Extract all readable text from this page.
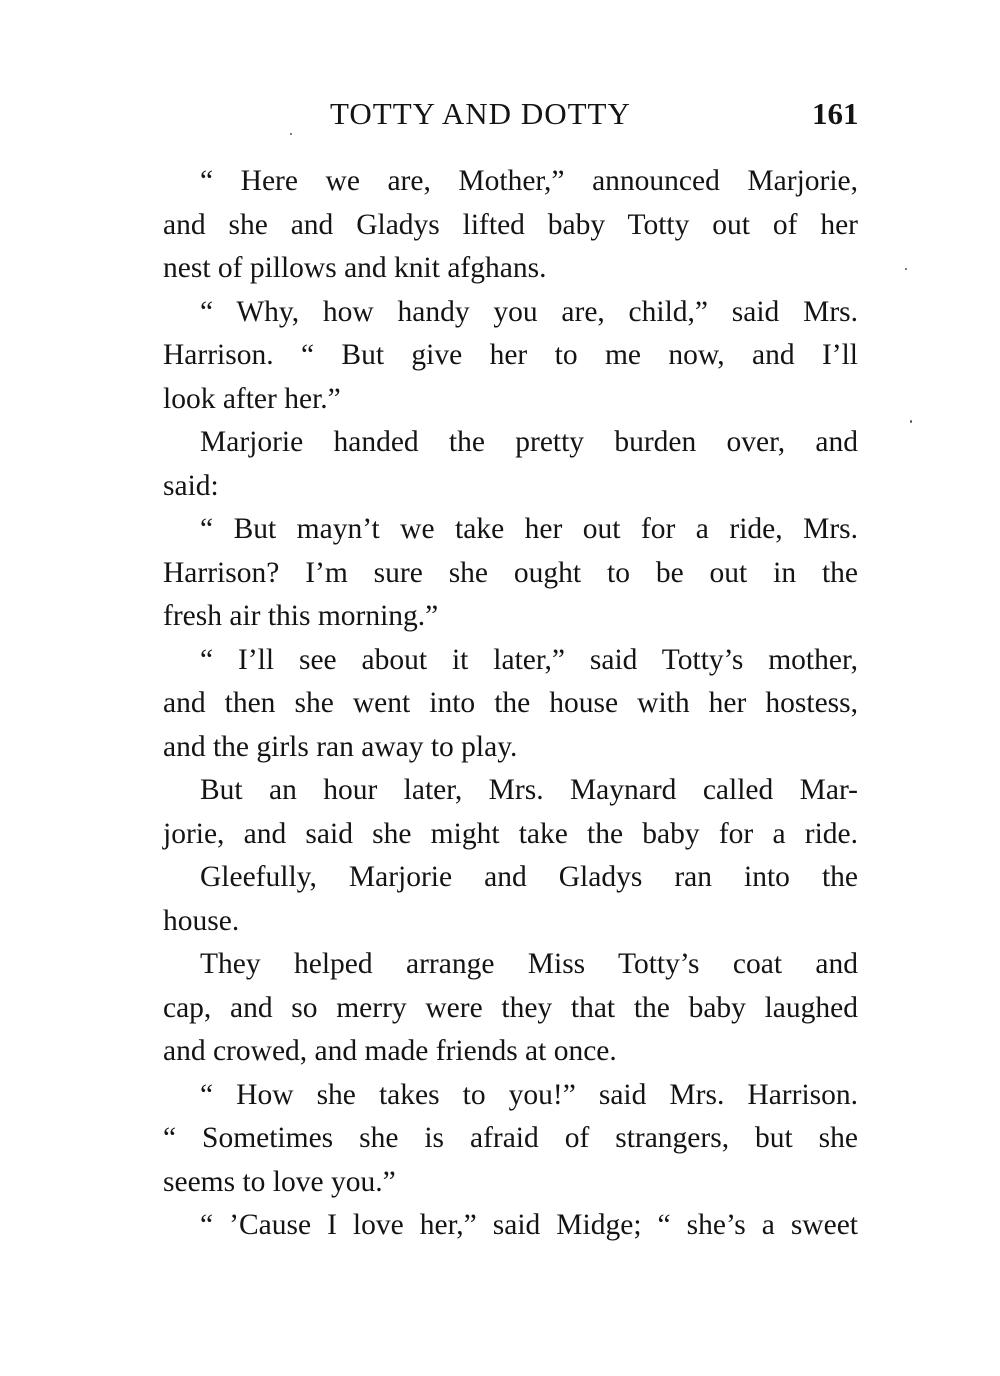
TOTTY AND DOTTY	161
“ Here we are, Mother,” announced Marjorie,
and she and Gladys lifted baby Totty out of her
nest of pillows and knit afghans.
“ Why, how handy you are, child,” said Mrs.
Harrison. “ But give her to me now, and I’ll
look after her.”
Marjorie handed the pretty burden over, and
said:
“ But mayn’t we take her out for a ride, Mrs.
Harrison? I’m sure she ought to be out in the
fresh air this morning.”
“ I’ll see about it later,” said Totty’s mother,
and then she went into the house with her hostess,
and the girls ran away to play.
But an hour later, Mrs. Maynard called Mar-
jorie, and said she might take the baby for a ride.
Gleefully, Marjorie and Gladys ran into the
house.
They helped arrange Miss Totty’s coat and
cap, and so merry were they that the baby laughed
and crowed, and made friends at once.
“ How she takes to you!” said Mrs. Harrison.
“ Sometimes she is afraid of strangers, but she
seems to love you.”
“ ’Cause I love her,” said Midge; “ she’s a sweet
